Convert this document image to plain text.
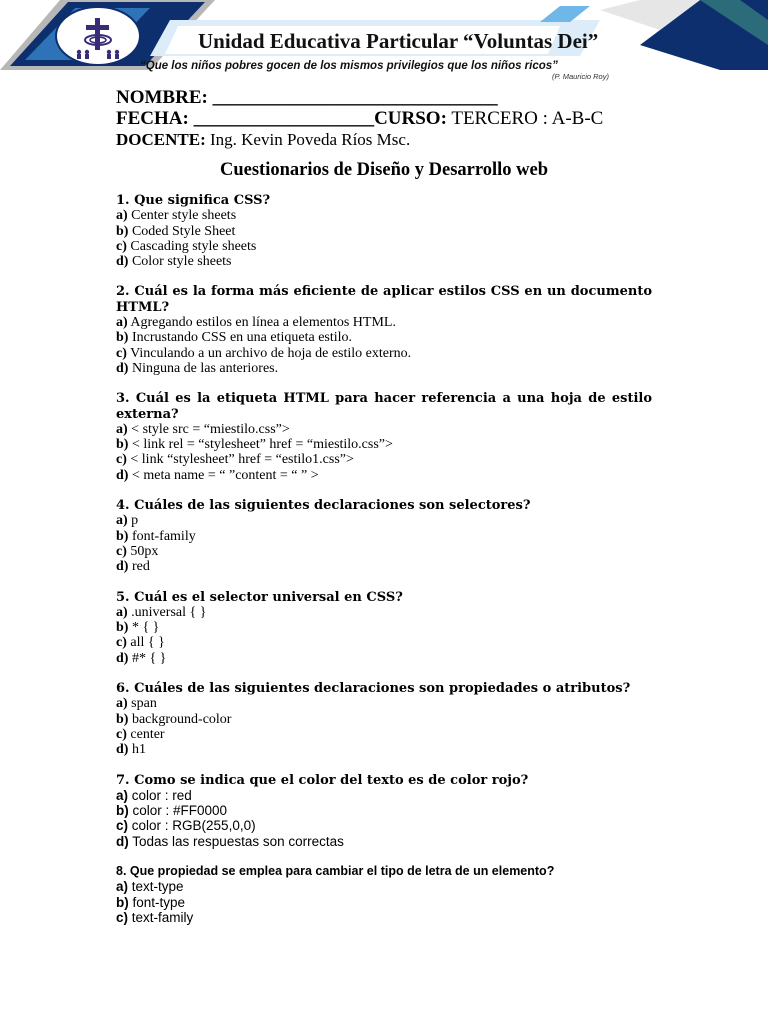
Unidad Educativa Particular “Voluntas Dei”
“Que los niños pobres gocen de los mismos privilegios que los niños ricos”
(P. Mauricio Roy)
NOMBRE: ______________________________
FECHA: ___________________CURSO: TERCERO : A-B-C
DOCENTE: Ing. Kevin Poveda Ríos Msc.
Cuestionarios de Diseño y Desarrollo web
1. Que significa CSS?
a) Center style sheets
b) Coded Style Sheet
c) Cascading style sheets
d) Color style sheets
2. Cuál es la forma más eficiente de aplicar estilos CSS en un documento HTML?
a) Agregando estilos en línea a elementos HTML.
b) Incrustando CSS en una etiqueta estilo.
c) Vinculando a un archivo de hoja de estilo externo.
d) Ninguna de las anteriores.
3. Cuál es la etiqueta HTML para hacer referencia a una hoja de estilo externa?
a) < style src = “miestilo.css”>
b) < link rel = “stylesheet” href = “miestilo.css”>
c) < link “stylesheet” href = “estilo1.css”>
d) < meta name = “ ”content = “ ” >
4. Cuáles de las siguientes declaraciones son selectores?
a) p
b) font-family
c) 50px
d) red
5. Cuál es el selector universal en CSS?
a) .universal { }
b) * { }
c) all { }
d) #* { }
6. Cuáles de las siguientes declaraciones son propiedades o atributos?
a) span
b) background-color
c) center
d) h1
7. Como se indica que el color del texto es de color rojo?
a) color : red
b) color : #FF0000
c) color : RGB(255,0,0)
d) Todas las respuestas son correctas
8. Que propiedad se emplea para cambiar el tipo de letra de un elemento?
a) text-type
b) font-type
c) text-family
